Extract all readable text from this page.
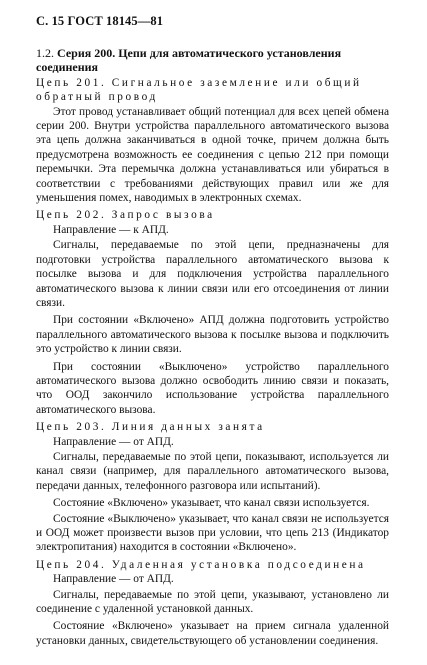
С. 15 ГОСТ 18145—81
1.2. Серия 200. Цепи для автоматического установления соединения
Цепь 201. Сигнальное заземление или общий обратный провод

Этот провод устанавливает общий потенциал для всех цепей обмена серии 200. Внутри устройства параллельного автоматического вызова эта цепь должна заканчиваться в одной точке, причем должна быть предусмотрена возможность ее соединения с цепью 212 при помощи перемычки. Эта перемычка должна устанавливаться или убираться в соответствии с требованиями действующих правил или же для уменьшения помех, наводимых в электронных схемах.

Цепь 202. Запрос вызова

Направление — к АПД.

Сигналы, передаваемые по этой цепи, предназначены для подготовки устройства параллельного автоматического вызова к посылке вызова и для подключения устройства параллельного автоматического вызова к линии связи или его отсоединения от линии связи.

При состоянии «Включено» АПД должна подготовить устройство параллельного автоматического вызова к посылке вызова и подключить это устройство к линии связи.

При состоянии «Выключено» устройство параллельного автоматического вызова должно освободить линию связи и показать, что ООД закончило использование устройства параллельного автоматического вызова.

Цепь 203. Линия данных занята

Направление — от АПД.

Сигналы, передаваемые по этой цепи, показывают, используется ли канал связи (например, для параллельного автоматического вызова, передачи данных, телефонного разговора или испытаний).

Состояние «Включено» указывает, что канал связи используется.

Состояние «Выключено» указывает, что канал связи не используется и ООД может произвести вызов при условии, что цепь 213 (Индикатор электропитания) находится в состоянии «Включено».

Цепь 204. Удаленная установка подсоединена

Направление — от АПД.

Сигналы, передаваемые по этой цепи, указывают, установлено ли соединение с удаленной установкой данных.

Состояние «Включено» указывает на прием сигнала удаленной установки данных, свидетельствующего об установлении соединения.
